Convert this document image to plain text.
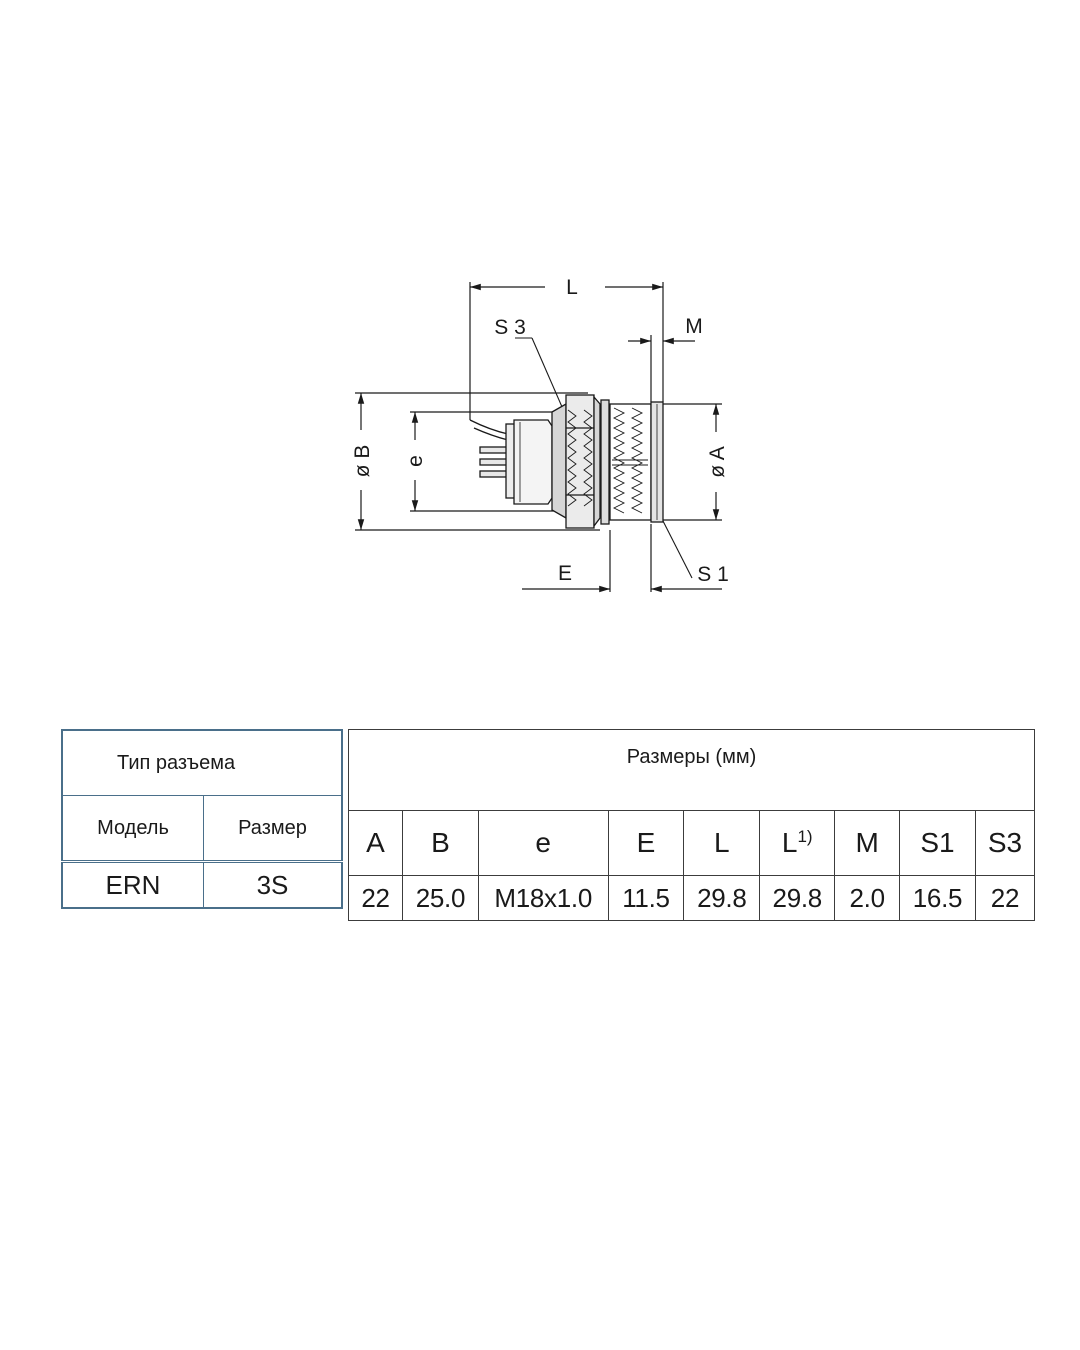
L
M
S 3
S 1
E
ø B e	ø A
Тип разъема	
Модель	Размер
ERN	3S
Размеры (мм)								
A	B	e	E	L	$L^{1)}$	M	S1	S3
22	25.0	M18x1.0	11.5	29.8	29.8	2.0	16.5	22
